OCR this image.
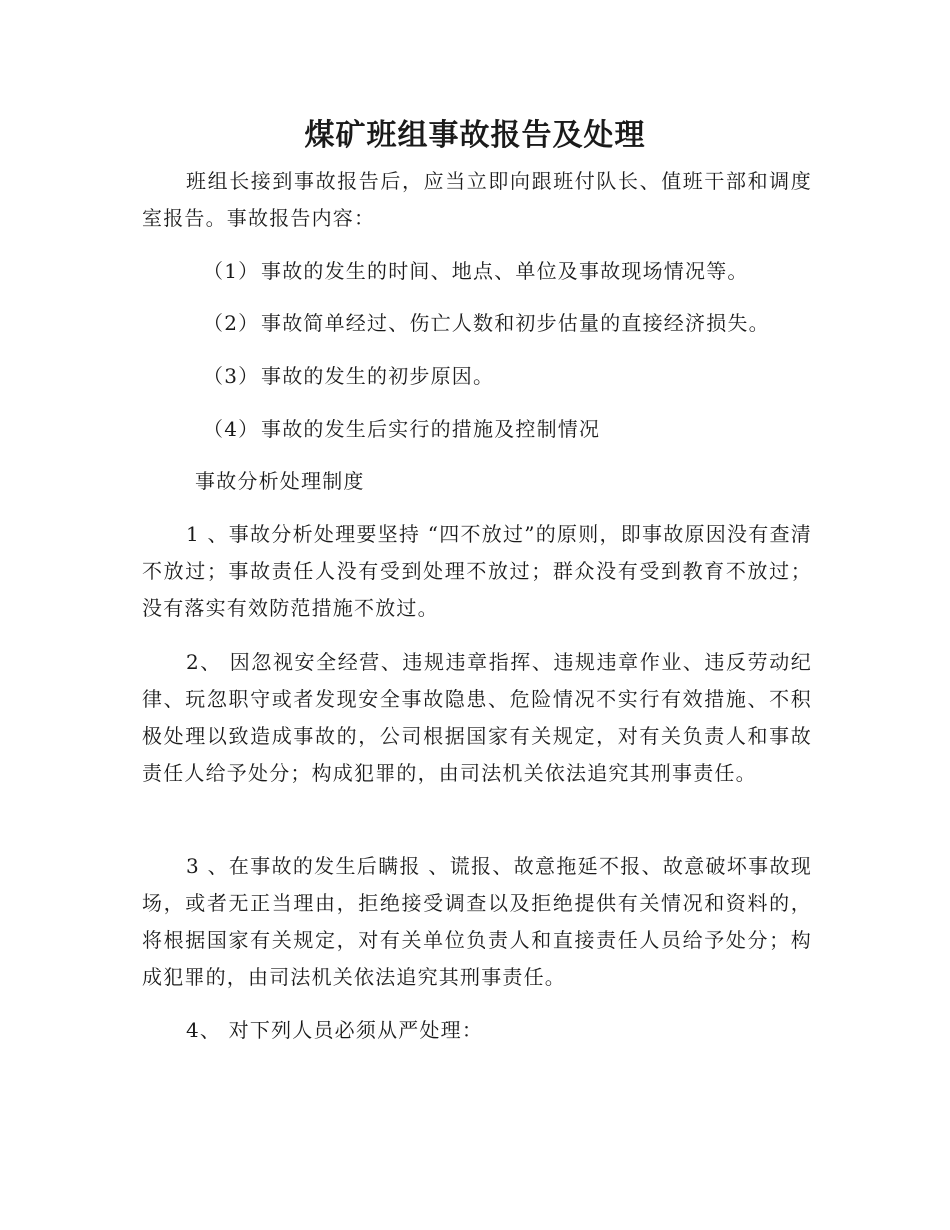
煤矿班组事故报告及处理
班组长接到事故报告后，应当立即向跟班付队长、值班干部和调度室报告。事故报告内容：
（1）事故的发生的时间、地点、单位及事故现场情况等。
（2）事故简单经过、伤亡人数和初步估量的直接经济损失。
（3）事故的发生的初步原因。
（4）事故的发生后实行的措施及控制情况
事故分析处理制度
1 、事故分析处理要坚持 “四不放过”的原则，即事故原因没有查清不放过；事故责任人没有受到处理不放过；群众没有受到教育不放过；没有落实有效防范措施不放过。
2、 因忽视安全经营、违规违章指挥、违规违章作业、违反劳动纪律、玩忽职守或者发现安全事故隐患、危险情况不实行有效措施、不积极处理以致造成事故的，公司根据国家有关规定，对有关负责人和事故责任人给予处分；构成犯罪的，由司法机关依法追究其刑事责任。
3 、在事故的发生后瞒报 、谎报、故意拖延不报、故意破坏事故现场，或者无正当理由，拒绝接受调查以及拒绝提供有关情况和资料的，将根据国家有关规定，对有关单位负责人和直接责任人员给予处分；构成犯罪的，由司法机关依法追究其刑事责任。
4、 对下列人员必须从严处理：
